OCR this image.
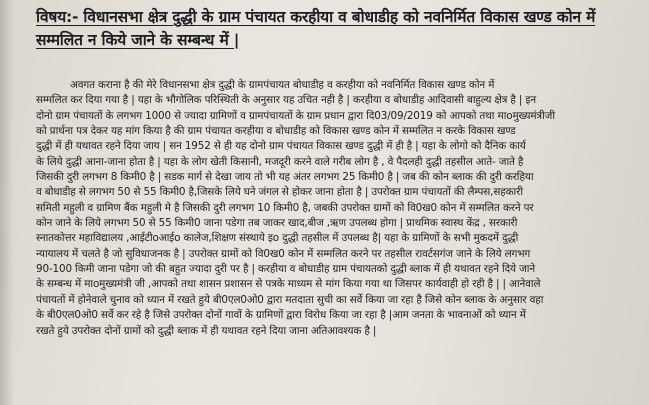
विषय:- विधानसभा क्षेत्र दुद्धी के ग्राम पंचायत करहीया व बोधाडीह को नवनिर्मित विकास खण्ड कोन में
सम्मलित न किये जाने के सम्बन्ध में |
अवगत कराना है की मेरे विधानसभा क्षेत्र दुद्धी के ग्रामपंचायत बोधाडीह व करहीया को नवनिर्मित विकास खण्ड कोन में
सम्मलित कर दिया गया है | यहा के भौगोलिक परिस्थिती के अनुसार यह उचित नही है | करहीया व बोधाडीह आदिवासी बाहुल्य क्षेत्र है | इन
दोनो ग्राम पंचायतों के लगभग 1000 से ज्यादा ग्रामिणों व ग्रामपंचायतों के ग्राम प्रधान द्वारा दि03/09/2019 को आपको तथा माoमुख्यमंत्रीजी
को प्रार्थना पत्र देकर यह मांग किया है की ग्राम पंचायत करहीया व बोधाडीह को विकास खण्ड कोन में सम्मलित न करके विकास खण्ड
दुद्धी में ही यथावत रहने दिया जाय | सन 1952 से ही यह दोनो ग्राम पंचायत विकास खण्ड दुद्धी में ही है | यहा के लोगो को दैनिक कार्य
के लिये दुद्धी आना-जाना होता है | यहा के लोग खेती किसानी, मजदूरी करने वाले गरीब लोग है , वे पैदलही दुद्धी तहसील आते- जाते है
जिसकी दुरी लगभग 8 किमी0 है | सडक मार्ग से देखा जाय तो भी यह अंतर लगभग 25 किमी0 है | जब की कोन ब्लाक की दुरी करहिया
व बोधाडीह से लगभग 50 से 55 किमी0 है,जिसके लिये घने जंगल से होकर जाना होता है | उपरोक्त ग्राम पंचायतों की लैम्पस,सहकारी
समिती महुली व ग्रामिण बैंक महुली मे है जिसकी दुरी लगभग 10 किमी0 है, जबकी उपरोक्त ग्रामों को वि0ख0 कोन में सम्मलित करने पर
कोन जाने के लिये लगभग 50 से 55 किमी0 जाना पडेगा तब जाकर खाद,बीज ,ऋण उपलब्ध होगा | प्राथमिक स्वास्थ केंद्र , सरकारी
स्नातकोत्तर महाविद्यालय ,आईटीoआईo कालेज,शिक्षण संस्थाये इo दुद्धी तहसील में उपलब्ध है| यहा के ग्रामिणों के सभी मुकदमें दुद्धी
न्यायालय में चलते है जो सुविधाजनक है | उपरोक्त ग्रामों को वि0ख0 कोन में सम्मलित करने पर तहसील रावर्टसगंज जाने के लिये लगभग
90-100 किमी जाना पडेगा जो की बहुत ज्यादा दुरी पर है | करहीया व बोधाडीह ग्राम पंचायतको दुद्धी ब्लाक में ही यथावत रहने दिये जाने
के सम्बन्ध में माoमुख्यमंत्री जी ,आपको तथा शासन प्रशासन से पत्रके माध्यम से मांग किया गया था जिसपर कार्यवाही हो रही है | | आनेवाले
पंचायतों में होनेवाले चुनाव को ध्यान में रखते हुये बी0एल0ओ0 द्वारा मतदाता सुची का सर्वे किया जा रहा है जिसे कोन ब्लाक के अनुसार वहा
के बी0एल0ओ0 सर्वे कर रहे है जिसे उपरोक्त दोनों गावों के ग्रामिणों द्वारा विरोध किया जा रहा है |आम जनता के भावनाओं को ध्यान में
रखते हुये उपरोक्त दोनों ग्रामों को दुद्धी ब्लाक में ही यथावत रहने दिया जाना अतिआवश्यक है |
